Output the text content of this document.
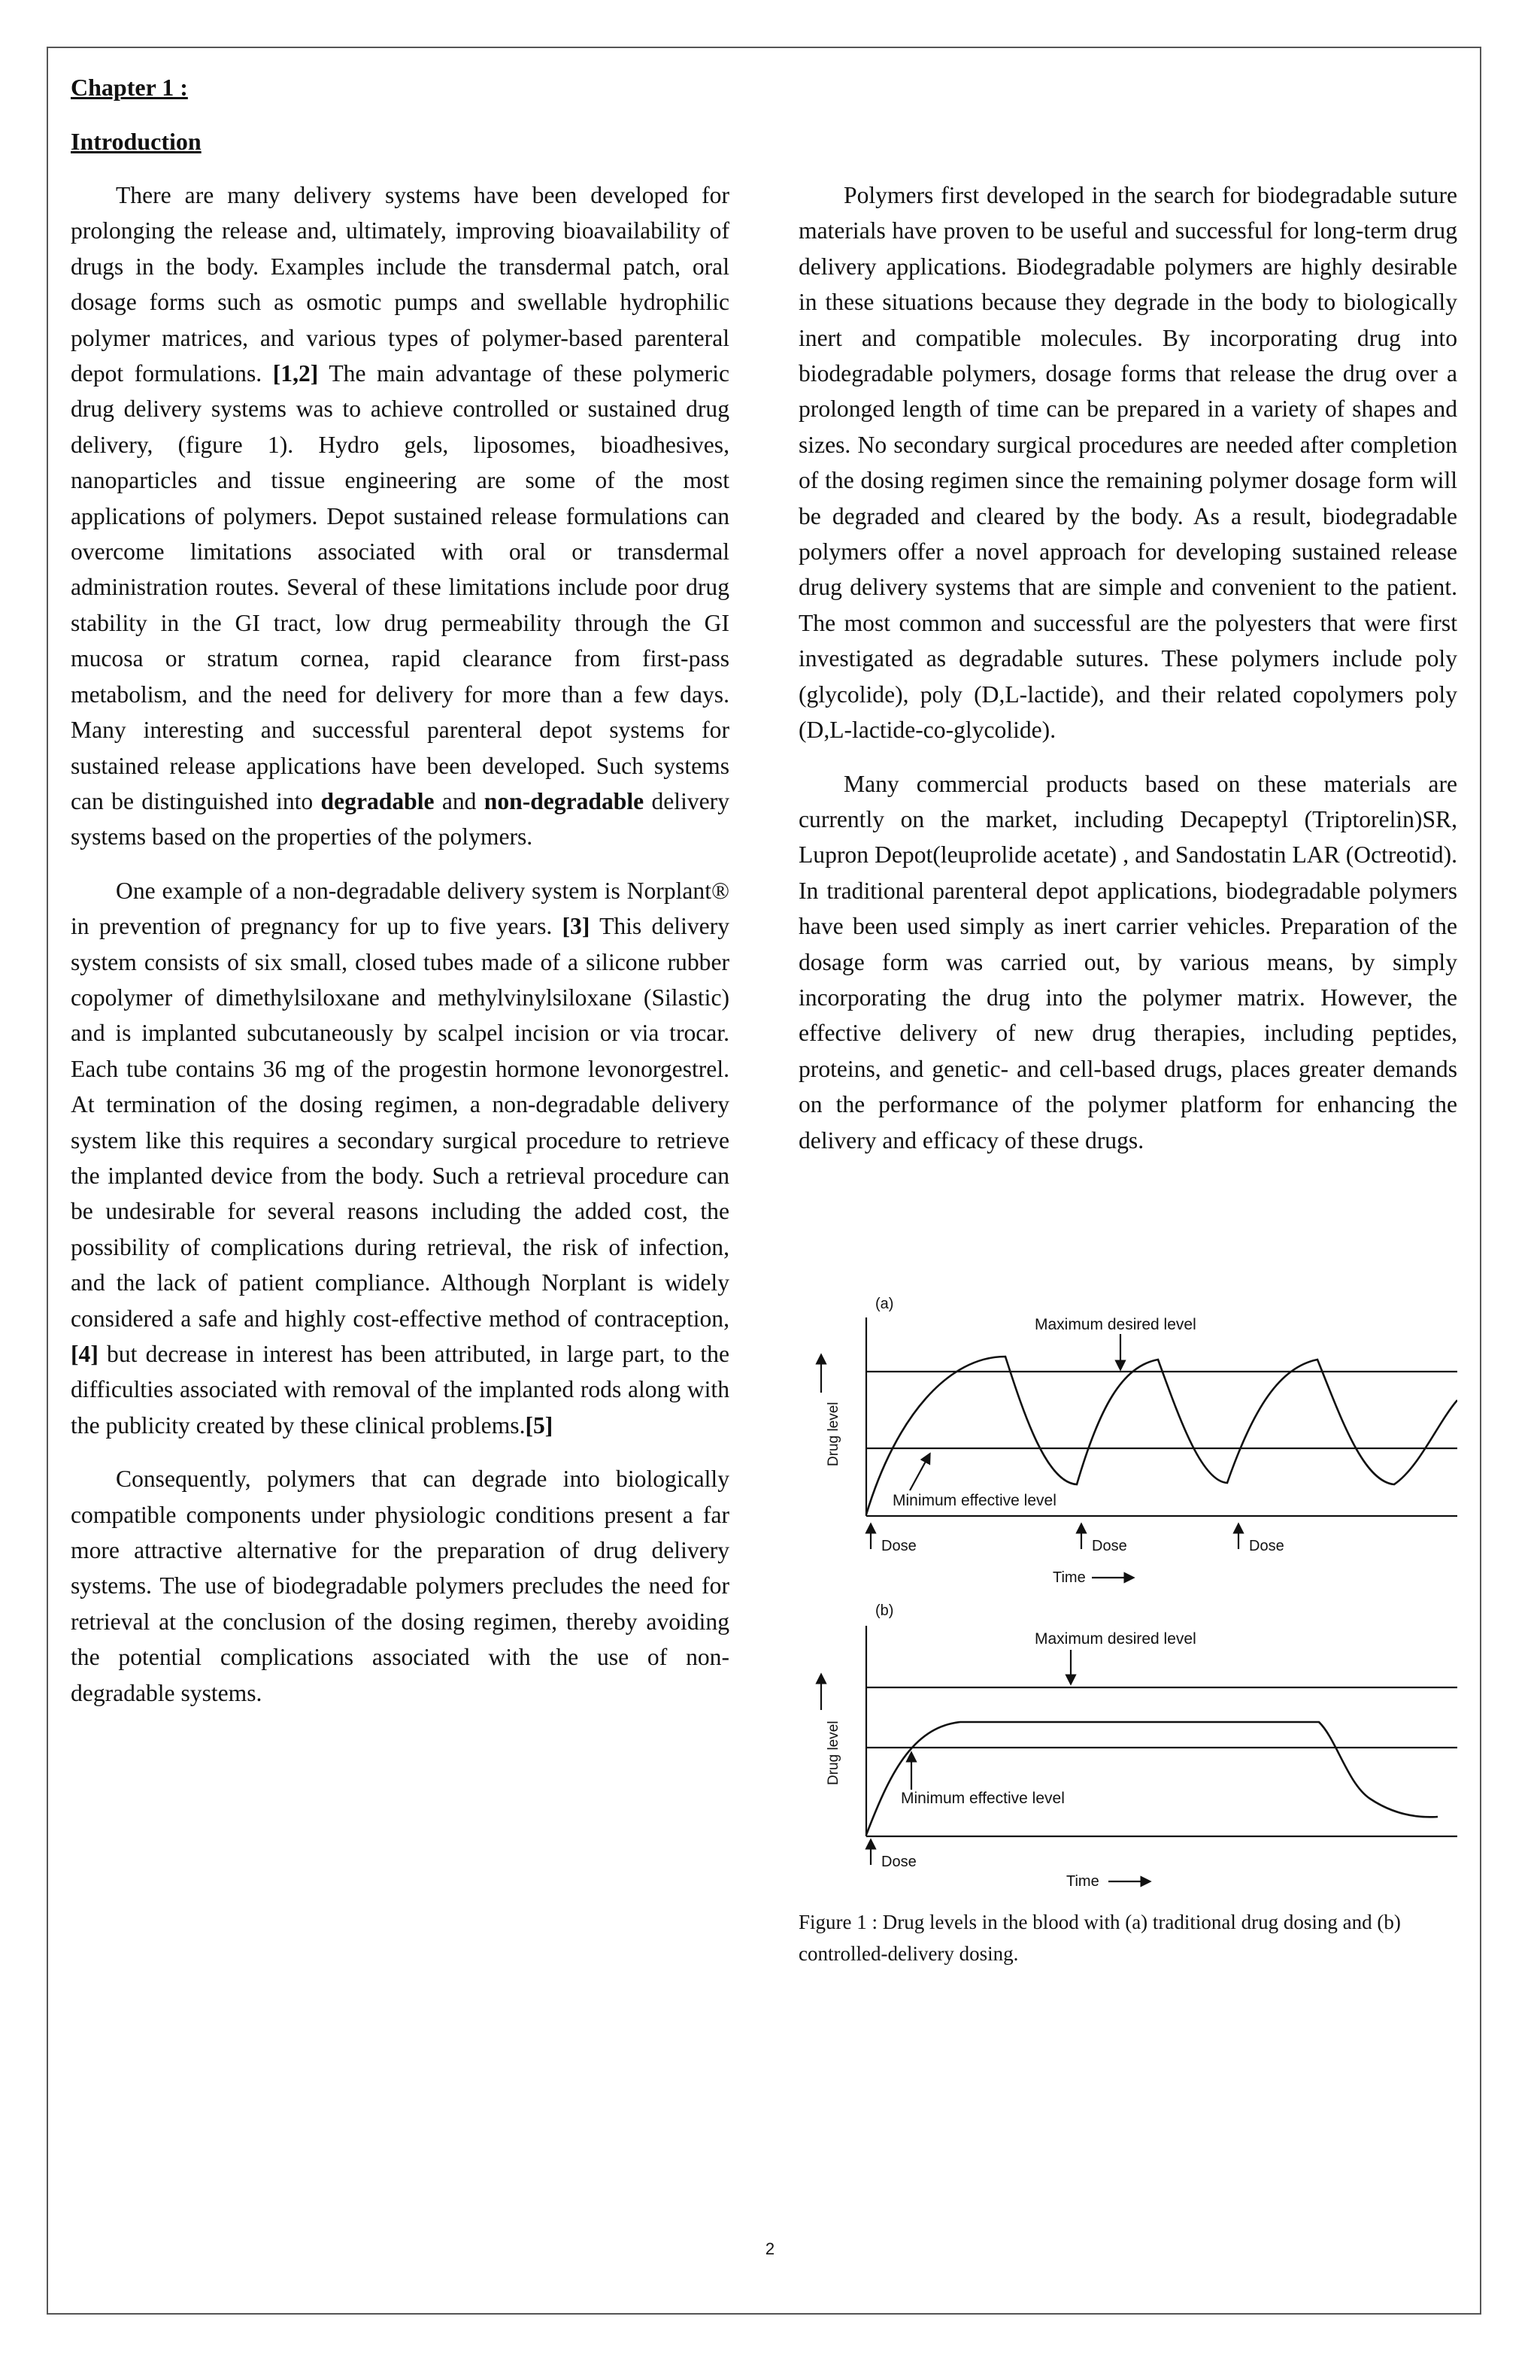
Chapter 1 :
Introduction

There are many delivery systems have been developed for prolonging the release and, ultimately, improving bioavailability of drugs in the body. Examples include the transdermal patch, oral dosage forms such as osmotic pumps and swellable hydrophilic polymer matrices, and various types of polymer-based parenteral depot formulations. [1,2] The main advantage of these polymeric drug delivery systems was to achieve controlled or sustained drug delivery, (figure 1). Hydro gels, liposomes, bioadhesives, nanoparticles and tissue engineering are some of the most applications of polymers. Depot sustained release formulations can overcome limitations associated with oral or transdermal administration routes. Several of these limitations include poor drug stability in the GI tract, low drug permeability through the GI mucosa or stratum cornea, rapid clearance from first-pass metabolism, and the need for delivery for more than a few days. Many interesting and successful parenteral depot systems for sustained release applications have been developed. Such systems can be distinguished into degradable and non-degradable delivery systems based on the properties of the polymers.

One example of a non-degradable delivery system is Norplant® in prevention of pregnancy for up to five years. [3] This delivery system consists of six small, closed tubes made of a silicone rubber copolymer of dimethylsiloxane and methylvinylsiloxane (Silastic) and is implanted subcutaneously by scalpel incision or via trocar. Each tube contains 36 mg of the progestin hormone levonorgestrel. At termination of the dosing regimen, a non-degradable delivery system like this requires a secondary surgical procedure to retrieve the implanted device from the body. Such a retrieval procedure can be undesirable for several reasons including the added cost, the possibility of complications during retrieval, the risk of infection, and the lack of patient compliance. Although Norplant is widely considered a safe and highly cost-effective method of contraception,[4] but decrease in interest has been attributed, in large part, to the difficulties associated with removal of the implanted rods along with the publicity created by these clinical problems.[5]

Consequently, polymers that can degrade into biologically compatible components under physiologic conditions present a far more attractive alternative for the preparation of drug delivery systems. The use of biodegradable polymers precludes the need for retrieval at the conclusion of the dosing regimen, thereby avoiding the potential complications associated with the use of non-degradable systems.

Polymers first developed in the search for biodegradable suture materials have proven to be useful and successful for long-term drug delivery applications. Biodegradable polymers are highly desirable in these situations because they degrade in the body to biologically inert and compatible molecules. By incorporating drug into biodegradable polymers, dosage forms that release the drug over a prolonged length of time can be prepared in a variety of shapes and sizes. No secondary surgical procedures are needed after completion of the dosing regimen since the remaining polymer dosage form will be degraded and cleared by the body. As a result, biodegradable polymers offer a novel approach for developing sustained release drug delivery systems that are simple and convenient to the patient. The most common and successful are the polyesters that were first investigated as degradable sutures. These polymers include poly (glycolide), poly (D,L-lactide), and their related copolymers poly (D,L-lactide-co-glycolide).

Many commercial products based on these materials are currently on the market, including Decapeptyl (Triptorelin)SR, Lupron Depot(leuprolide acetate) , and Sandostatin LAR (Octreotid). In traditional parenteral depot applications, biodegradable polymers have been used simply as inert carrier vehicles. Preparation of the dosage form was carried out, by various means, by simply incorporating the drug into the polymer matrix. However, the effective delivery of new drug therapies, including peptides, proteins, and genetic- and cell-based drugs, places greater demands on the performance of the polymer platform for enhancing the delivery and efficacy of these drugs.

(a)
Maximum desired level
Minimum effective level
Drug level
Time
Dose	Dose	Dose
(b)
Maximum desired level
Minimum effective level
Drug level
Time
Dose
Figure 1 : Drug levels in the blood with (a) traditional drug dosing and (b) controlled-delivery dosing.
2
